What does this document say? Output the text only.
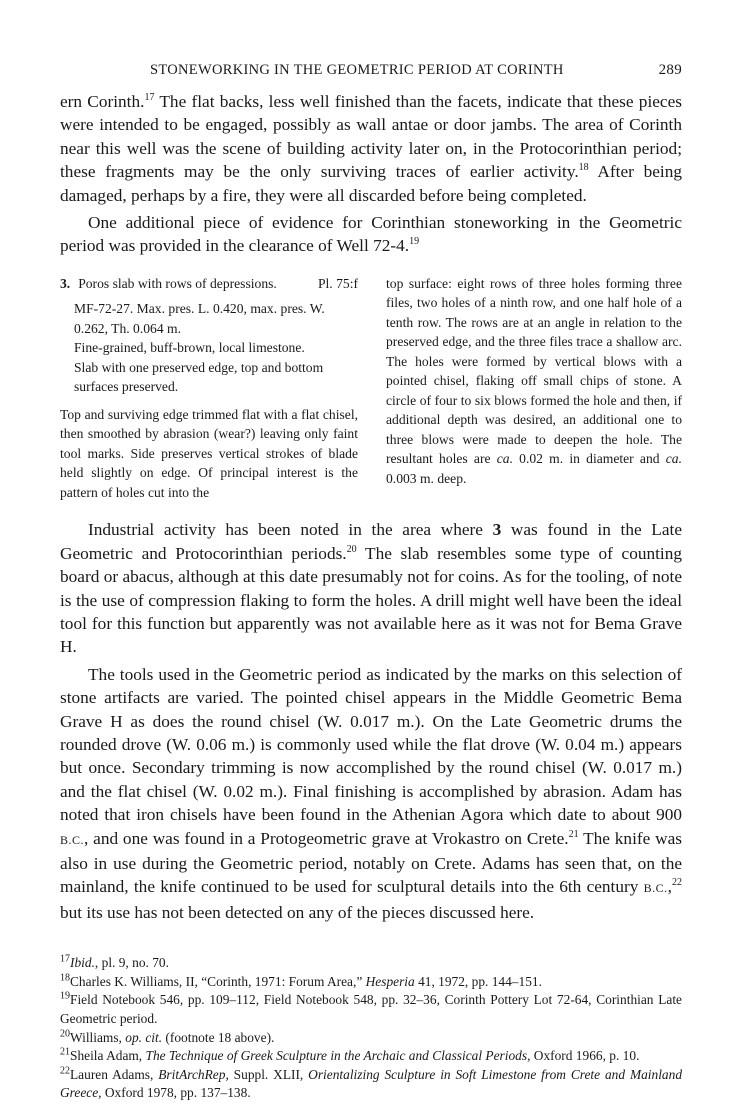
STONEWORKING IN THE GEOMETRIC PERIOD AT CORINTH	289

ern Corinth.$^{17}$ The flat backs, less well finished than the facets, indicate that these pieces were intended to be engaged, possibly as wall antae or door jambs. The area of Corinth near this well was the scene of building activity later on, in the Protocorinthian period; these fragments may be the only surviving traces of earlier activity.$^{18}$ After being damaged, perhaps by a fire, they were all discarded before being completed.

One additional piece of evidence for Corinthian stoneworking in the Geometric period was provided in the clearance of Well 72-4.19

3. Poros slab with rows of depressions.	Pl. 75:f
MF-72-27. Max. pres. L. 0.420, max. pres. W. 0.262, Th. 0.064 m.
Fine-grained, buff-brown, local limestone.
Slab with one preserved edge, top and bottom surfaces preserved.
Top and surviving edge trimmed flat with a flat chisel, then smoothed by abrasion (wear?) leaving only faint tool marks. Side preserves vertical strokes of blade held slightly on edge. Of principal interest is the pattern of holes cut into the
top surface: eight rows of three holes forming three files, two holes of a ninth row, and one half hole of a tenth row. The rows are at an angle in relation to the preserved edge, and the three files trace a shallow arc. The holes were formed by vertical blows with a pointed chisel, flaking off small chips of stone. A circle of four to six blows formed the hole and then, if additional depth was desired, an additional one to three blows were made to deepen the hole. The resultant holes are ca. 0.02 m. in diameter and ca. 0.003 m. deep.

Industrial activity has been noted in the area where 3 was found in the Late Geometric and Protocorinthian periods.$^{20}$ The slab resembles some type of counting board or abacus, although at this date presumably not for coins. As for the tooling, of note is the use of compression flaking to form the holes. A drill might well have been the ideal tool for this function but apparently was not available here as it was not for Bema Grave H.

The tools used in the Geometric period as indicated by the marks on this selection of stone artifacts are varied. The pointed chisel appears in the Middle Geometric Bema Grave H as does the round chisel (W. 0.017 m.). On the Late Geometric drums the rounded drove (W. 0.06 m.) is commonly used while the flat drove (W. 0.04 m.) appears but once. Secondary trimming is now accomplished by the round chisel (W. 0.017 m.) and the flat chisel (W. 0.02 m.). Final finishing is accomplished by abrasion. Adam has noted that iron chisels have been found in the Athenian Agora which date to about 900 B.C., and one was found in a Protogeometric grave at Vrokastro on Crete.$^{21}$ The knife was also in use during the Geometric period, notably on Crete. Adams has seen that, on the mainland, the knife continued to be used for sculptural details into the 6th century B.C.,$^{22}$ but its use has not been detected on any of the pieces discussed here.

$^{17}$Ibid., pl. 9, no. 70.
$^{18}$Charles K. Williams, II, “Corinth, 1971: Forum Area,” Hesperia 41, 1972, pp. 144–151.
$^{19}$Field Notebook 546, pp. 109–112, Field Notebook 548, pp. 32–36, Corinth Pottery Lot 72-64, Corinthian Late Geometric period.
$^{20}$Williams, op. cit. (footnote 18 above).
$^{21}$Sheila Adam, The Technique of Greek Sculpture in the Archaic and Classical Periods, Oxford 1966, p. 10.
$^{22}$Lauren Adams, BritArchRep, Suppl. XLII, Orientalizing Sculpture in Soft Limestone from Crete and Mainland Greece, Oxford 1978, pp. 137–138.
